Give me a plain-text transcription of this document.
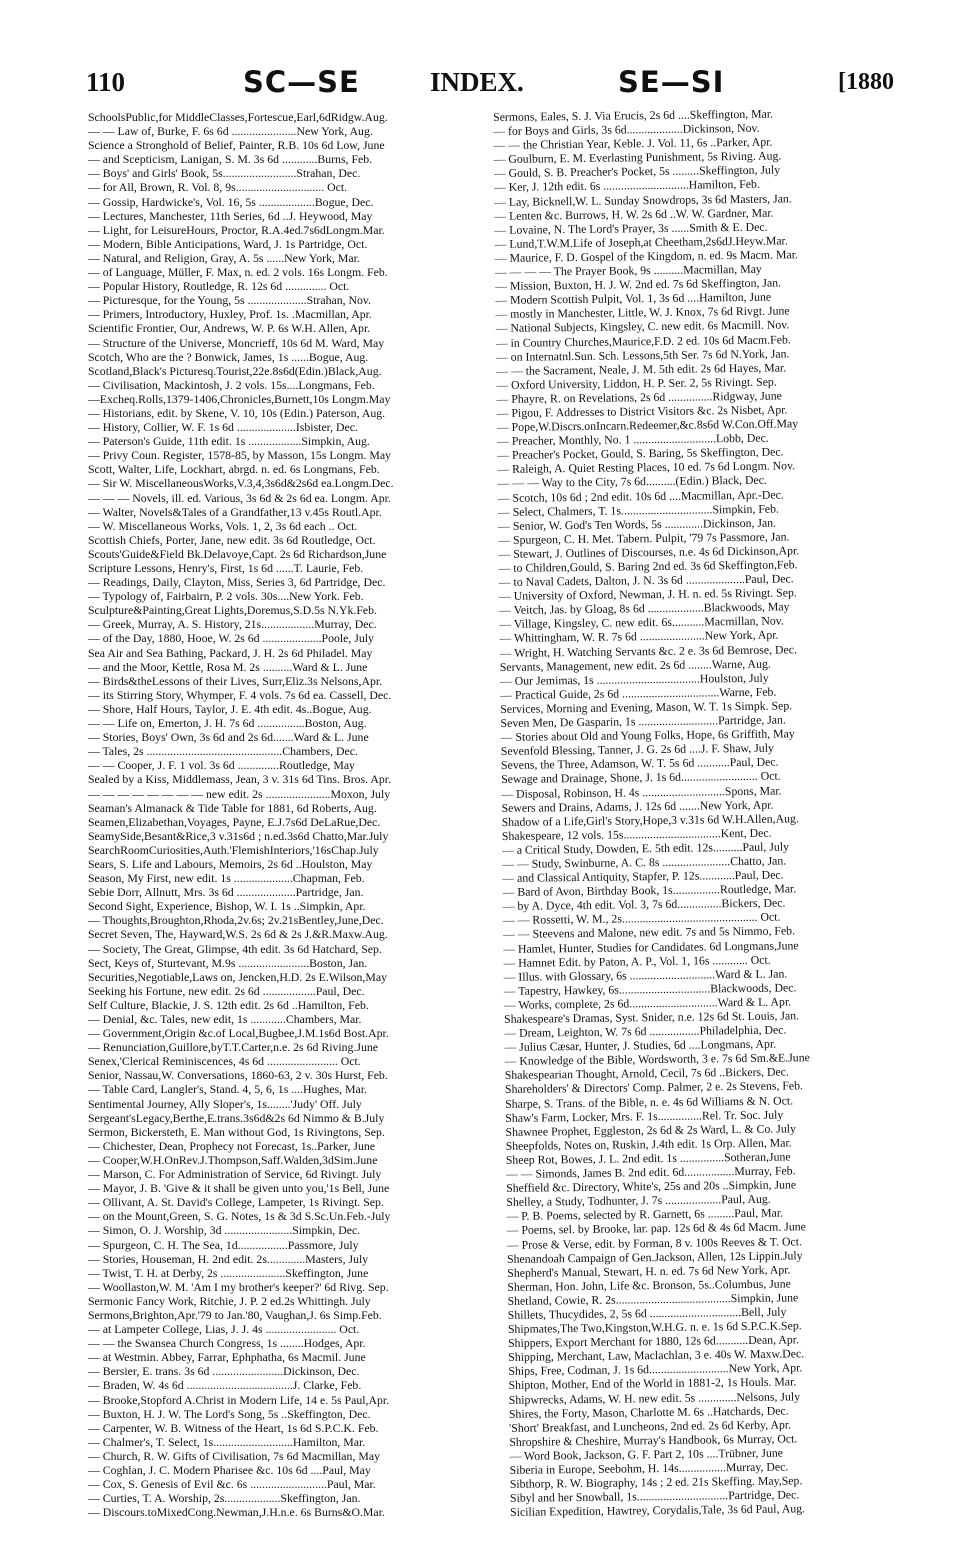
110	SC—SE	INDEX.	SE—SI	[1880
SchoolsPublic,for MiddleClasses,Fortescue,Earl,6dRidgw.Aug.
— — Law of, Burke, F. 6s 6d ......................New York, Aug.
Science a Stronghold of Belief, Painter, R.B. 10s 6d Low, June
— and Scepticism, Lanigan, S. M. 3s 6d ............Burns, Feb.
— Boys' and Girls' Book, 5s.........................Strahan, Dec.
— for All, Brown, R. Vol. 8, 9s.............................. Oct.
— Gossip, Hardwicke's, Vol. 16, 5s ...................Bogue, Dec.
— Lectures, Manchester, 11th Series, 6d ..J. Heywood, May
— Light, for LeisureHours, Proctor, R.A.4ed.7s6dLongm.Mar.
— Modern, Bible Anticipations, Ward, J. 1s Partridge, Oct.
— Natural, and Religion, Gray, A. 5s ......New York, Mar.
— of Language, Müller, F. Max, n. ed. 2 vols. 16s Longm. Feb.
— Popular History, Routledge, R. 12s 6d .............. Oct.
— Picturesque, for the Young, 5s ....................Strahan, Nov.
— Primers, Introductory, Huxley, Prof. 1s. .Macmillan, Apr.
Scientific Frontier, Our, Andrews, W. P. 6s W.H. Allen, Apr.
— Structure of the Universe, Moncrieff, 10s 6d M. Ward, May
Scotch, Who are the ? Bonwick, James, 1s ......Bogue, Aug.
Scotland,Black's Picturesq.Tourist,22e.8s6d(Edin.)Black,Aug.
— Civilisation, Mackintosh, J. 2 vols. 15s....Longmans, Feb.
—Excheq.Rolls,1379-1406,Chronicles,Burnett,10s Longm.May
— Historians, edit. by Skene, V. 10, 10s (Edin.) Paterson, Aug.
— History, Collier, W. F. 1s 6d ....................Isbister, Dec.
— Paterson's Guide, 11th edit. 1s ..................Simpkin, Aug.
— Privy Coun. Register, 1578-85, by Masson, 15s Longm. May
Scott, Walter, Life, Lockhart, abrgd. n. ed. 6s Longmans, Feb.
— Sir W. MiscellaneousWorks,V.3,4,3s6d&2s6d ea.Longm.Dec.
— — — Novels, ill. ed. Various, 3s 6d & 2s 6d ea. Longm. Apr.
— Walter, Novels&Tales of a Grandfather,13 v.45s Routl.Apr.
— W. Miscellaneous Works, Vols. 1, 2, 3s 6d each .. Oct.
Scottish Chiefs, Porter, Jane, new edit. 3s 6d Routledge, Oct.
Scouts'Guide&Field Bk.Delavoye,Capt. 2s 6d Richardson,June
Scripture Lessons, Henry's, First, 1s 6d ......T. Laurie, Feb.
— Readings, Daily, Clayton, Miss, Series 3, 6d Partridge, Dec.
— Typology of, Fairbairn, P. 2 vols. 30s....New York. Feb.
Sculpture&Painting,Great Lights,Doremus,S.D.5s N.Yk.Feb.
— Greek, Murray, A. S. History, 21s..................Murray, Dec.
— of the Day, 1880, Hooe, W. 2s 6d ....................Poole, July
Sea Air and Sea Bathing, Packard, J. H. 2s 6d Philadel. May
— and the Moor, Kettle, Rosa M. 2s ..........Ward & L. June
— Birds&theLessons of their Lives, Surr,Eliz.3s Nelsons,Apr.
— its Stirring Story, Whymper, F. 4 vols. 7s 6d ea. Cassell, Dec.
— Shore, Half Hours, Taylor, J. E. 4th edit. 4s..Bogue, Aug.
— — Life on, Emerton, J. H. 7s 6d ................Boston, Aug.
— Stories, Boys' Own, 3s 6d and 2s 6d.......Ward & L. June
— Tales, 2s ..............................................Chambers, Dec.
— — Cooper, J. F. 1 vol. 3s 6d ..............Routledge, May
Sealed by a Kiss, Middlemass, Jean, 3 v. 31s 6d Tins. Bros. Apr.
— — — — — — — — new edit. 2s ......................Moxon, July
Seaman's Almanack & Tide Table for 1881, 6d Roberts, Aug.
Seamen,Elizabethan,Voyages, Payne, E.J.7s6d DeLaRue,Dec.
SeamySide,Besant&Rice,3 v.31s6d ; n.ed.3s6d Chatto,Mar.July
SearchRoomCuriosities,Auth.'FlemishInteriors,'16sChap.July
Sears, S. Life and Labours, Memoirs, 2s 6d ..Houlston, May
Season, My First, new edit. 1s ....................Chapman, Feb.
Sebie Dorr, Allnutt, Mrs. 3s 6d ....................Partridge, Jan.
Second Sight, Experience, Bishop, W. I. 1s ..Simpkin, Apr.
— Thoughts,Broughton,Rhoda,2v.6s; 2v.21sBentley,June,Dec.
Secret Seven, The, Hayward,W.S. 2s 6d & 2s J.&R.Maxw.Aug.
— Society, The Great, Glimpse, 4th edit. 3s 6d Hatchard, Sep.
Sect, Keys of, Sturtevant, M.9s ........................Boston, Jan.
Securities,Negotiable,Laws on, Jencken,H.D. 2s E.Wilson,May
Seeking his Fortune, new edit. 2s 6d ..................Paul, Dec.
Self Culture, Blackie, J. S. 12th edit. 2s 6d ..Hamilton, Feb.
— Denial, &c. Tales, new edit, 1s ............Chambers, Mar.
— Government,Origin &c.of Local,Bugbee,J.M.1s6d Bost.Apr.
— Renunciation,Guillore,byT.T.Carter,n.e. 2s 6d Riving.June
Senex,'Clerical Reminiscences, 4s 6d ........................ Oct.
Senior, Nassau,W. Conversations, 1860-63, 2 v. 30s Hurst, Feb.
— Table Card, Langler's, Stand. 4, 5, 6, 1s ....Hughes, Mar.
Sentimental Journey, Ally Sloper's, 1s........'Judy' Off. July
Sergeant'sLegacy,Berthe,E.trans.3s6d&2s 6d Nimmo & B.July
Sermon, Bickersteth, E. Man without God, 1s Rivingtons, Sep.
— Chichester, Dean, Prophecy not Forecast, 1s..Parker, June
— Cooper,W.H.OnRev.J.Thompson,Saff.Walden,3dSim.June
— Marson, C. For Administration of Service, 6d Rivingt. July
— Mayor, J. B. 'Give & it shall be given unto you,'1s Bell, June
— Ollivant, A. St. David's College, Lampeter, 1s Rivingt. Sep.
— on the Mount,Green, S. G. Notes, 1s & 3d S.Sc.Un.Feb.-July
— Simon, O. J. Worship, 3d .......................Simpkin, Dec.
— Spurgeon, C. H. The Sea, 1d.................Passmore, July
— Stories, Houseman, H. 2nd edit. 2s.............Masters, July
— Twist, T. H. at Derby, 2s ......................Skeffington, June
— Woollaston,W. M. 'Am I my brother's keeper?' 6d Rivg. Sep.
Sermonic Fancy Work, Ritchie, J. P. 2 ed.2s Whittingh. July
Sermons,Brighton,Apr.'79 to Jan.'80, Vaughan,J. 6s Simp.Feb.
— at Lampeter College, Lias, J. J. 4s ........................ Oct.
— — the Swansea Church Congress, 1s ........Hodges, Apr.
— at Westmin. Abbey, Farrar, Ephphatha, 6s Macmil. June
— Bersier, E. trans. 3s 6d ........................Dickinson, Dec.
— Braden, W. 4s 6d ....................................J. Clarke, Feb.
— Brooke,Stopford A.Christ in Modern Life, 14 e. 5s Paul,Apr.
— Buxton, H. J. W. The Lord's Song, 5s ..Skeffington, Dec.
— Carpenter, W. B. Witness of the Heart, 1s 6d S.P.C.K. Feb.
— Chalmer's, T. Select, 1s...........................Hamilton, Mar.
— Church, R. W. Gifts of Civilisation, 7s 6d Macmillan, May
— Coghlan, J. C. Modern Pharisee &c. 10s 6d ....Paul, May
— Cox, S. Genesis of Evil &c. 6s ..........................Paul, Mar.
— Curties, T. A. Worship, 2s...................Skeffington, Jan.
— Discours.toMixedCong.Newman,J.H.n.e. 6s Burns&O.Mar.
Sermons, Eales, S. J. Via Erucis, 2s 6d ....Skeffington, Mar.
— for Boys and Girls, 3s 6d...................Dickinson, Nov.
— — the Christian Year, Keble. J. Vol. 11, 6s ..Parker, Apr.
— Goulburn, E. M. Everlasting Punishment, 5s Riving. Aug.
— Gould, S. B. Preacher's Pocket, 5s .........Skeffington, July
— Ker, J. 12th edit. 6s .............................Hamilton, Feb.
— Lay, Bicknell,W. L. Sunday Snowdrops, 3s 6d Masters, Jan.
— Lenten &c. Burrows, H. W. 2s 6d ..W. W. Gardner, Mar.
— Lovaine, N. The Lord's Prayer, 3s ......Smith & E. Dec.
— Lund,T.W.M.Life of Joseph,at Cheetham,2s6dJ.Heyw.Mar.
— Maurice, F. D. Gospel of the Kingdom, n. ed. 9s Macm. Mar.
— — — — The Prayer Book, 9s ..........Macmillan, May
— Mission, Buxton, H. J. W. 2nd ed. 7s 6d Skeffington, Jan.
— Modern Scottish Pulpit, Vol. 1, 3s 6d ....Hamilton, June
— mostly in Manchester, Little, W. J. Knox, 7s 6d Rivgt. June
— National Subjects, Kingsley, C. new edit. 6s Macmill. Nov.
— in Country Churches,Maurice,F.D. 2 ed. 10s 6d Macm.Feb.
— on Internatnl.Sun. Sch. Lessons,5th Ser. 7s 6d N.York, Jan.
— — the Sacrament, Neale, J. M. 5th edit. 2s 6d Hayes, Mar.
— Oxford University, Liddon, H. P. Ser. 2, 5s Rivingt. Sep.
— Phayre, R. on Revelations, 2s 6d ...............Ridgway, June
— Pigou, F. Addresses to District Visitors &c. 2s Nisbet, Apr.
— Pope,W.Discrs.onIncarn.Redeemer,&c.8s6d W.Con.Off.May
— Preacher, Monthly, No. 1 ............................Lobb, Dec.
— Preacher's Pocket, Gould, S. Baring, 5s Skeffington, Dec.
— Raleigh, A. Quiet Resting Places, 10 ed. 7s 6d Longm. Nov.
— — — Way to the City, 7s 6d..........(Edin.) Black, Dec.
— Scotch, 10s 6d ; 2nd edit. 10s 6d ....Macmillan, Apr.-Dec.
— Select, Chalmers, T. 1s...............................Simpkin, Feb.
— Senior, W. God's Ten Words, 5s .............Dickinson, Jan.
— Spurgeon, C. H. Met. Tabern. Pulpit, '79 7s Passmore, Jan.
— Stewart, J. Outlines of Discourses, n.e. 4s 6d Dickinson,Apr.
— to Children,Gould, S. Baring 2nd ed. 3s 6d Skeffington,Feb.
— to Naval Cadets, Dalton, J. N. 3s 6d ....................Paul, Dec.
— University of Oxford, Newman, J. H. n. ed. 5s Rivingt. Sep.
— Veitch, Jas. by Gloag, 8s 6d ...................Blackwoods, May
— Village, Kingsley, C. new edit. 6s...........Macmillan, Nov.
— Whittingham, W. R. 7s 6d ......................New York, Apr.
— Wright, H. Watching Servants &c. 2 e. 3s 6d Bemrose, Dec.
Servants, Management, new edit. 2s 6d ........Warne, Aug.
— Our Jemimas, 1s ...................................Houlston, July
— Practical Guide, 2s 6d .................................Warne, Feb.
Services, Morning and Evening, Mason, W. T. 1s Simpk. Sep.
Seven Men, De Gasparin, 1s ...........................Partridge, Jan.
— Stories about Old and Young Folks, Hope, 6s Griffith, May
Sevenfold Blessing, Tanner, J. G. 2s 6d ....J. F. Shaw, July
Sevens, the Three, Adamson, W. T. 5s 6d ...........Paul, Dec.
Sewage and Drainage, Shone, J. 1s 6d.......................... Oct.
— Disposal, Robinson, H. 4s ............................Spons, Mar.
Sewers and Drains, Adams, J. 12s 6d .......New York, Apr.
Shadow of a Life,Girl's Story,Hope,3 v.31s 6d W.H.Allen,Aug.
Shakespeare, 12 vols. 15s.................................Kent, Dec.
— a Critical Study, Dowden, E. 5th edit. 12s..........Paul, July
— — Study, Swinburne, A. C. 8s .......................Chatto, Jan.
— and Classical Antiquity, Stapfer, P. 12s............Paul, Dec.
— Bard of Avon, Birthday Book, 1s................Routledge, Mar.
— by A. Dyce, 4th edit. Vol. 3, 7s 6d...............Bickers, Dec.
— — Rossetti, W. M., 2s.............................................. Oct.
— — Steevens and Malone, new edit. 7s and 5s Nimmo, Feb.
— Hamlet, Hunter, Studies for Candidates. 6d Longmans,June
— Hamnet Edit. by Paton, A. P., Vol. 1, 16s ............ Oct.
— Illus. with Glossary, 6s .............................Ward & L. Jan.
— Tapestry, Hawkey, 6s...............................Blackwoods, Dec.
— Works, complete, 2s 6d..............................Ward & L. Apr.
Shakespeare's Dramas, Syst. Snider, n.e. 12s 6d St. Louis, Jan.
— Dream, Leighton, W. 7s 6d .................Philadelphia, Dec.
— Julius Cæsar, Hunter, J. Studies, 6d ....Longmans, Apr.
— Knowledge of the Bible, Wordsworth, 3 e. 7s 6d Sm.&E.June
Shakespearian Thought, Arnold, Cecil, 7s 6d ..Bickers, Dec.
Shareholders' & Directors' Comp. Palmer, 2 e. 2s Stevens, Feb.
Sharpe, S. Trans. of the Bible, n. e. 4s 6d Williams & N. Oct.
Shaw's Farm, Locker, Mrs. F. 1s...............Rel. Tr. Soc. July
Shawnee Prophet, Eggleston, 2s 6d & 2s Ward, L. & Co. July
Sheepfolds, Notes on, Ruskin, J.4th edit. 1s Orp. Allen, Mar.
Sheep Rot, Bowes, J. L. 2nd edit. 1s ...............Sotheran,June
— — Simonds, James B. 2nd edit. 6d.................Murray, Feb.
Sheffield &c. Directory, White's, 25s and 20s ..Simpkin, June
Shelley, a Study, Todhunter, J. 7s ...................Paul, Aug.
— P. B. Poems, selected by R. Garnett, 6s .........Paul, Mar.
— Poems, sel. by Brooke, lar. pap. 12s 6d & 4s 6d Macm. June
— Prose & Verse, edit. by Forman, 8 v. 100s Reeves & T. Oct.
Shenandoah Campaign of Gen.Jackson, Allen, 12s Lippin.July
Shepherd's Manual, Stewart, H. n. ed. 7s 6d New York, Apr.
Sherman, Hon. John, Life &c. Bronson, 5s..Columbus, June
Shetland, Cowie, R. 2s.......................................Simpkin, June
Shillets, Thucydides, 2, 5s 6d ...............................Bell, July
Shipmates,The Two,Kingston,W.H.G. n. e. 1s 6d S.P.C.K.Sep.
Shippers, Export Merchant for 1880, 12s 6d...........Dean, Apr.
Shipping, Merchant, Law, Maclachlan, 3 e. 40s W. Maxw.Dec.
Ships, Free, Codman, J. 1s 6d...........................New York, Apr.
Shipton, Mother, End of the World in 1881-2, 1s Houls. Mar.
Shipwrecks, Adams, W. H. new edit. 5s .............Nelsons, July
Shires, the Forty, Mason, Charlotte M. 6s ..Hatchards, Dec.
'Short' Breakfast, and Luncheons, 2nd ed. 2s 6d Kerby, Apr.
Shropshire & Cheshire, Murray's Handbook, 6s Murray, Oct.
— Word Book, Jackson, G. F. Part 2, 10s ....Trübner, June
Siberia in Europe, Seebohm, H. 14s................Murray, Dec.
Sibthorp, R. W. Biography, 14s ; 2 ed. 21s Skeffing. May,Sep.
Sibyl and her Snowball, 1s...............................Partridge, Dec.
Sicilian Expedition, Hawtrey, Corydalis,Tale, 3s 6d Paul, Aug.
